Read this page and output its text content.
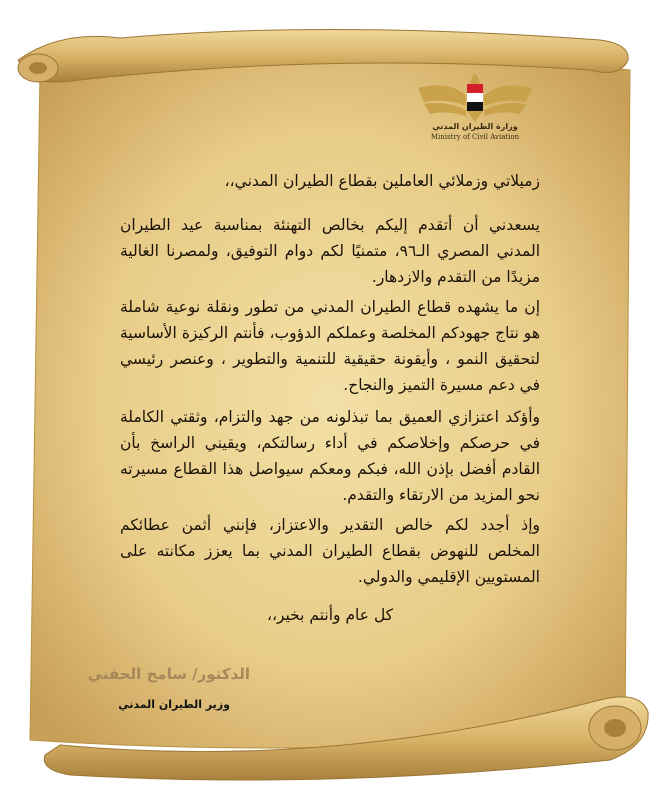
وزارة الطيران المدني
Ministry of Civil Aviation
زميلاتي وزملائي العاملين بقطاع الطيران المدني،،
يسعدني أن أتقدم إليكم بخالص التهنئة بمناسبة عيد الطيران المدني المصري الـ٩٦، متمنيًا لكم دوام التوفيق، ولمصرنا الغالية مزيدًا من التقدم والازدهار.
إن ما يشهده قطاع الطيران المدني من تطور ونقلة نوعية شاملة هو نتاج جهودكم المخلصة وعملكم الدؤوب، فأنتم الركيزة الأساسية لتحقيق النمو ، وأيقونة حقيقية للتنمية والتطوير ، وعنصر رئيسي في دعم مسيرة التميز والنجاح.
وأؤكد اعتزازي العميق بما تبذلونه من جهد والتزام، وثقتي الكاملة في حرصكم وإخلاصكم في أداء رسالتكم، ويقيني الراسخ بأن القادم أفضل بإذن الله، فبكم ومعكم سيواصل هذا القطاع مسيرته نحو المزيد من الارتقاء والتقدم.
وإذ أجدد لكم خالص التقدير والاعتزاز، فإنني أثمن عطائكم المخلص للنهوض بقطاع الطيران المدني بما يعزز مكانته على المستويين الإقليمي والدولي.
كل عام وأنتم بخير،،
الدكتور/ سامح الحفني
وزير الطيران المدني
